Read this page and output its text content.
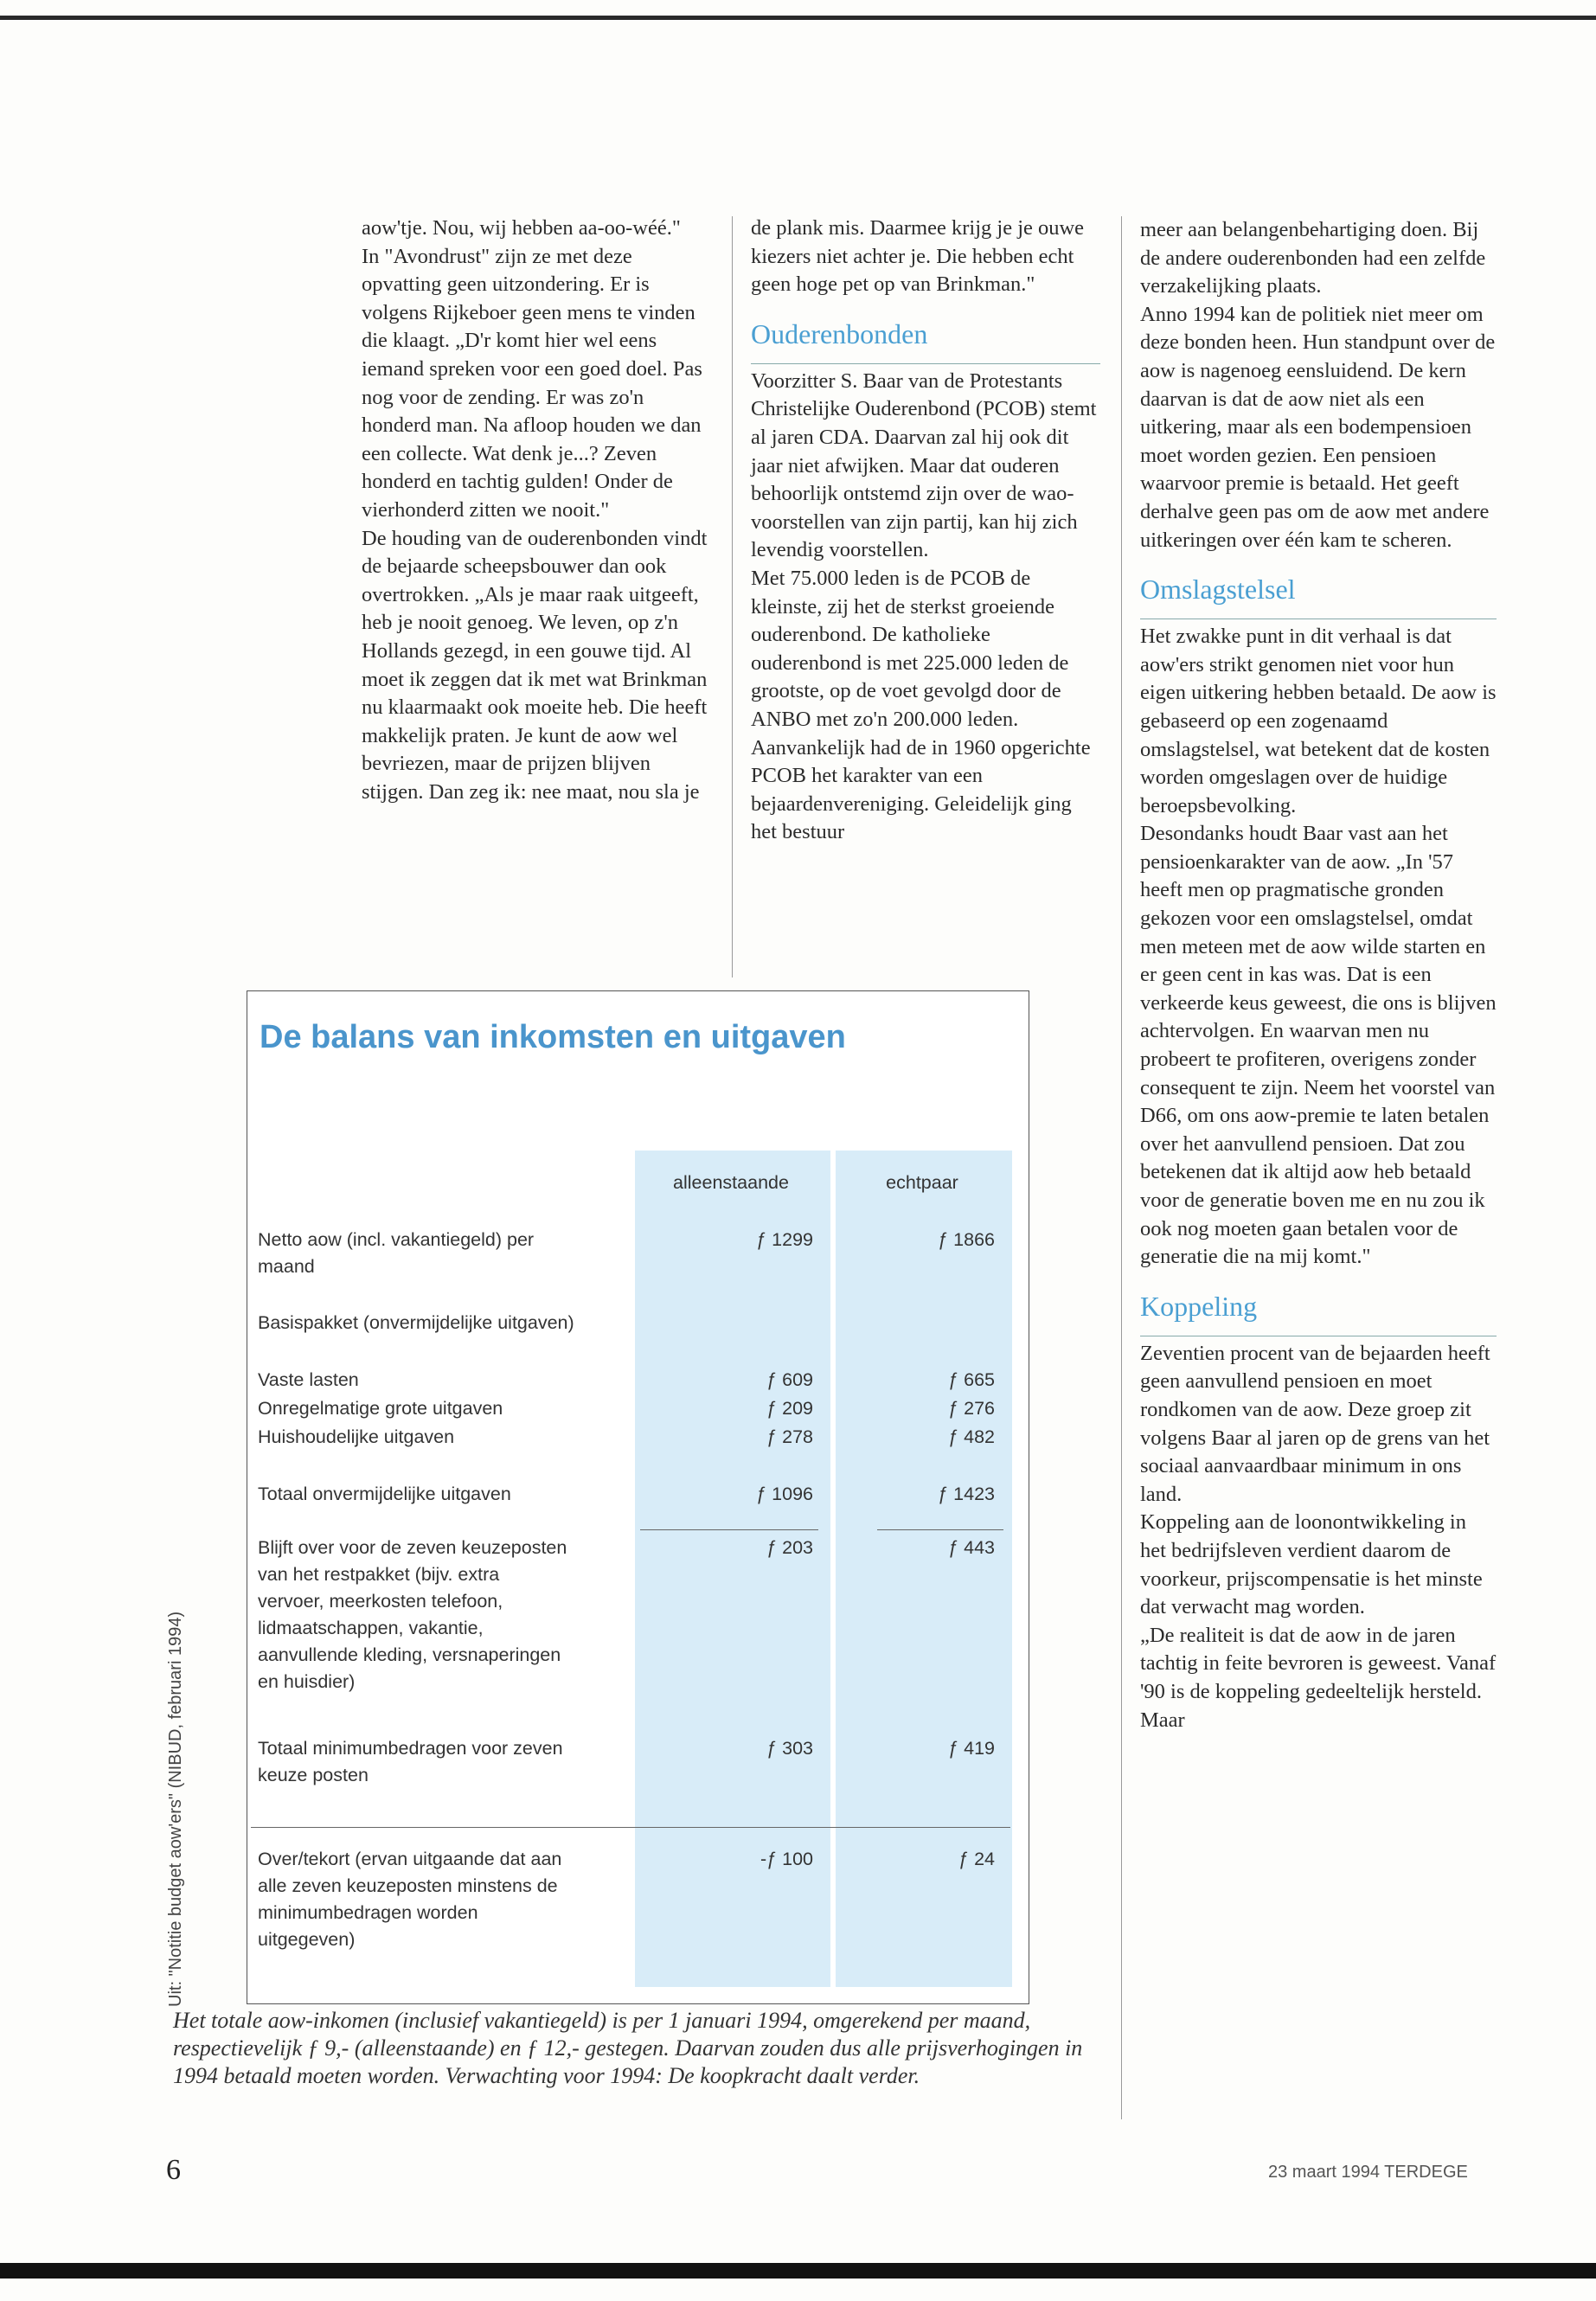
aow'tje. Nou, wij hebben aa-oo-wéé."

In "Avondrust" zijn ze met deze opvatting geen uitzondering. Er is volgens Rijkeboer geen mens te vinden die klaagt. „D'r komt hier wel eens iemand spreken voor een goed doel. Pas nog voor de zending. Er was zo'n honderd man. Na afloop houden we dan een collecte. Wat denk je...? Zeven honderd en tachtig gulden! Onder de vierhonderd zitten we nooit."

De houding van de ouderenbonden vindt de bejaarde scheepsbouwer dan ook overtrokken. „Als je maar raak uitgeeft, heb je nooit genoeg. We leven, op z'n Hollands gezegd, in een gouwe tijd. Al moet ik zeggen dat ik met wat Brinkman nu klaarmaakt ook moeite heb. Die heeft makkelijk praten. Je kunt de aow wel bevriezen, maar de prijzen blijven stijgen. Dan zeg ik: nee maat, nou sla je

de plank mis. Daarmee krijg je je ouwe kiezers niet achter je. Die hebben echt geen hoge pet op van Brinkman."

Ouderenbonden

Voorzitter S. Baar van de Protestants Christelijke Ouderenbond (PCOB) stemt al jaren CDA. Daarvan zal hij ook dit jaar niet afwijken. Maar dat ouderen behoorlijk ontstemd zijn over de wao-voorstellen van zijn partij, kan hij zich levendig voorstellen.

Met 75.000 leden is de PCOB de kleinste, zij het de sterkst groeiende ouderenbond. De katholieke ouderenbond is met 225.000 leden de grootste, op de voet gevolgd door de ANBO met zo'n 200.000 leden. Aanvankelijk had de in 1960 opgerichte PCOB het karakter van een bejaardenvereniging. Geleidelijk ging het bestuur

meer aan belangenbehartiging doen. Bij de andere ouderenbonden had een zelfde verzakelijking plaats.

Anno 1994 kan de politiek niet meer om deze bonden heen. Hun standpunt over de aow is nagenoeg eensluidend. De kern daarvan is dat de aow niet als een uitkering, maar als een bodempensioen moet worden gezien. Een pensioen waarvoor premie is betaald. Het geeft derhalve geen pas om de aow met andere uitkeringen over één kam te scheren.

Omslagstelsel

Het zwakke punt in dit verhaal is dat aow'ers strikt genomen niet voor hun eigen uitkering hebben betaald. De aow is gebaseerd op een zogenaamd omslagstelsel, wat betekent dat de kosten worden omgeslagen over de huidige beroepsbevolking.

Desondanks houdt Baar vast aan het pensioenkarakter van de aow. „In '57 heeft men op pragmatische gronden gekozen voor een omslagstelsel, omdat men meteen met de aow wilde starten en er geen cent in kas was. Dat is een verkeerde keus geweest, die ons is blijven achtervolgen. En waarvan men nu probeert te profiteren, overigens zonder consequent te zijn. Neem het voorstel van D66, om ons aow-premie te laten betalen over het aanvullend pensioen. Dat zou betekenen dat ik altijd aow heb betaald voor de generatie boven me en nu zou ik ook nog moeten gaan betalen voor de generatie die na mij komt."

Koppeling

Zeventien procent van de bejaarden heeft geen aanvullend pensioen en moet rondkomen van de aow. Deze groep zit volgens Baar al jaren op de grens van het sociaal aanvaardbaar minimum in ons land.

Koppeling aan de loonontwikkeling in het bedrijfsleven verdient daarom de voorkeur, prijscompensatie is het minste dat verwacht mag worden.

„De realiteit is dat de aow in de jaren tachtig in feite bevroren is geweest. Vanaf '90 is de koppeling gedeeltelijk hersteld. Maar

De balans van inkomsten en uitgaven
alleenstaande	echtpaar
Netto aow (incl. vakantiegeld) per maand
ƒ 1299	ƒ 1866
Basispakket (onvermijdelijke uitgaven)
Vaste lasten	ƒ 609	ƒ 665
Onregelmatige grote uitgaven	ƒ 209	ƒ 276
Huishoudelijke uitgaven	ƒ 278	ƒ 482
Totaal onvermijdelijke uitgaven	ƒ 1096	ƒ 1423
Blijft over voor de zeven keuzeposten van het restpakket (bijv. extra vervoer, meerkosten telefoon, lidmaatschappen, vakantie, aanvullende kleding, versnaperingen en huisdier)
ƒ 203	ƒ 443
Totaal minimumbedragen voor zeven keuze posten
ƒ 303	ƒ 419
Over/tekort (ervan uitgaande dat aan alle zeven keuzeposten minstens de minimumbedragen worden uitgegeven)
-ƒ 100	ƒ 24
Uit: "Notitie budget aow'ers" (NIBUD, februari 1994)
Het totale aow-inkomen (inclusief vakantiegeld) is per 1 januari 1994, omgerekend per maand, respectievelijk ƒ 9,- (alleenstaande) en ƒ 12,- gestegen. Daarvan zouden dus alle prijsverhogingen in 1994 betaald moeten worden. Verwachting voor 1994: De koopkracht daalt verder.
6	23 maart 1994 TERDEGE
